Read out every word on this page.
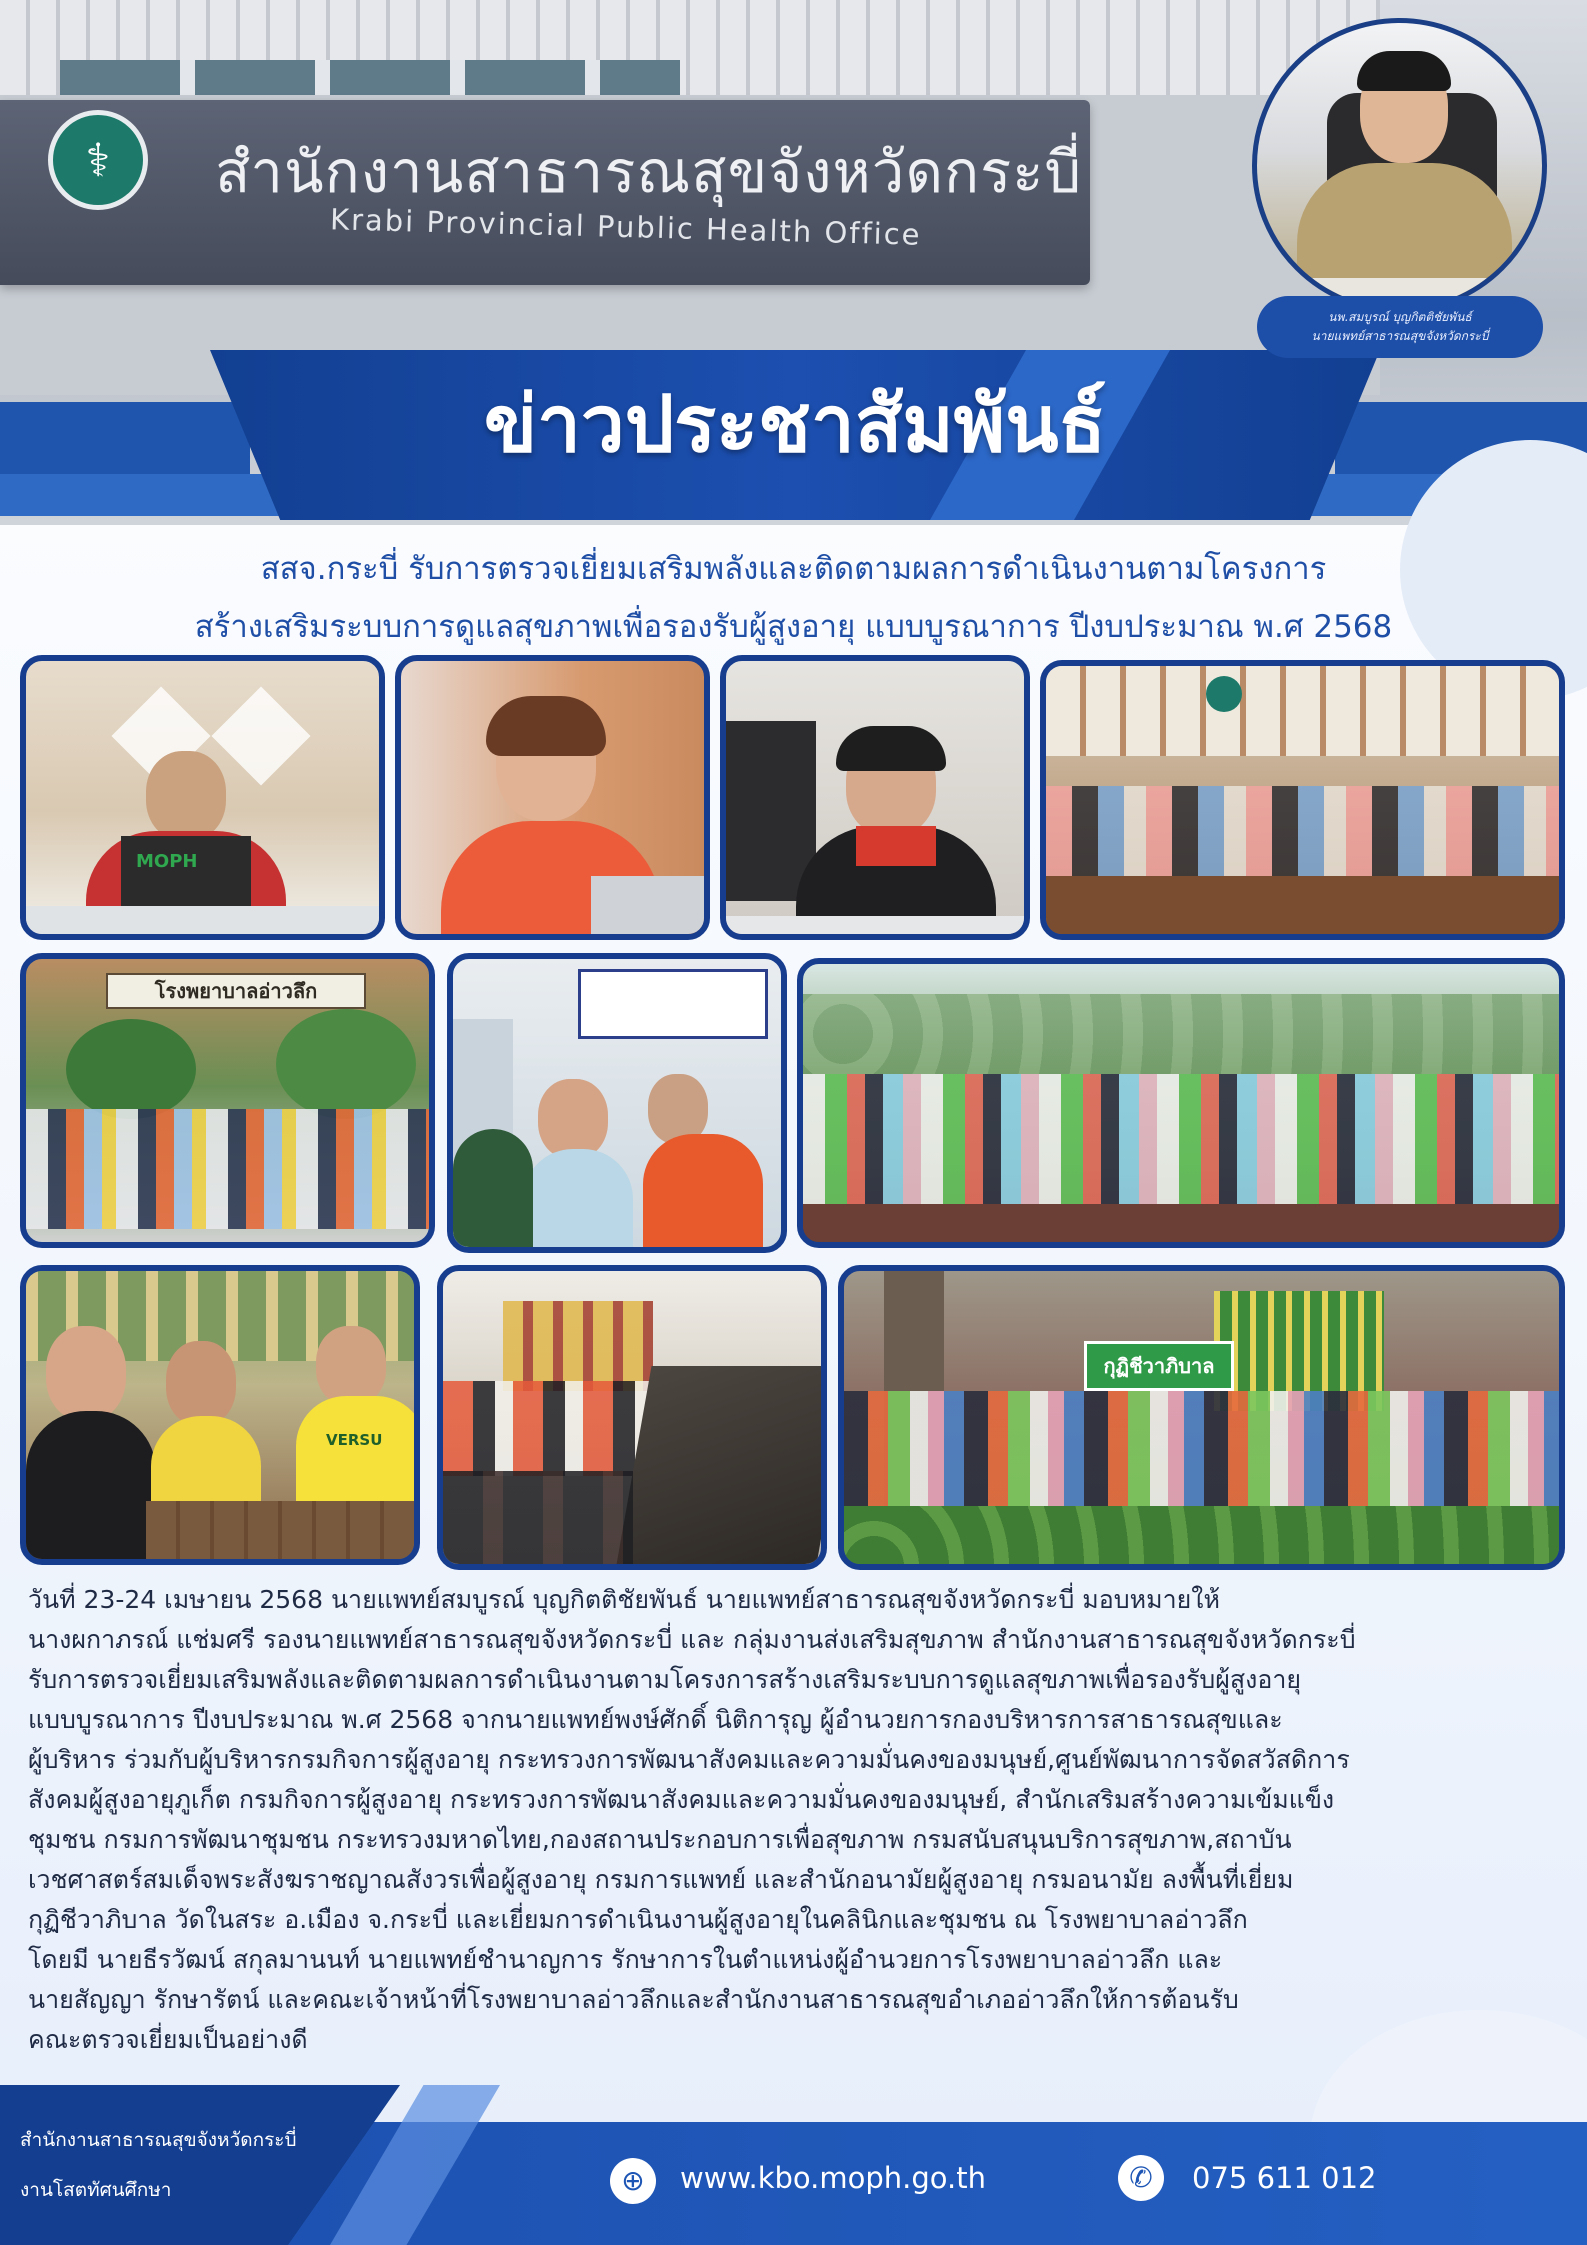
⚕	สำนักงานสาธารณสุขจังหวัดกระบี่
Krabi Provincial Public Health Office
ข่าวประชาสัมพันธ์
นพ.สมบูรณ์ บุญกิตติชัยพันธ์
นายแพทย์สาธารณสุขจังหวัดกระบี่
สสจ.กระบี่ รับการตรวจเยี่ยมเสริมพลังและติดตามผลการดำเนินงานตามโครงการ
สร้างเสริมระบบการดูแลสุขภาพเพื่อรองรับผู้สูงอายุ แบบบูรณาการ ปีงบประมาณ พ.ศ 2568
MOPH
โรงพยาบาลอ่าวลึก
VERSU
กุฏิชีวาภิบาล
วันที่ 23-24 เมษายน 2568 นายแพทย์สมบูรณ์ บุญกิตติชัยพันธ์ นายแพทย์สาธารณสุขจังหวัดกระบี่ มอบหมายให้
นางผกาภรณ์ แช่มศรี รองนายแพทย์สาธารณสุขจังหวัดกระบี่ และ กลุ่มงานส่งเสริมสุขภาพ สำนักงานสาธารณสุขจังหวัดกระบี่
รับการตรวจเยี่ยมเสริมพลังและติดตามผลการดำเนินงานตามโครงการสร้างเสริมระบบการดูแลสุขภาพเพื่อรองรับผู้สูงอายุ
แบบบูรณาการ ปีงบประมาณ พ.ศ 2568 จากนายแพทย์พงษ์ศักดิ์ นิติการุญ ผู้อำนวยการกองบริหารการสาธารณสุขและ
ผู้บริหาร ร่วมกับผู้บริหารกรมกิจการผู้สูงอายุ กระทรวงการพัฒนาสังคมและความมั่นคงของมนุษย์,ศูนย์พัฒนาการจัดสวัสดิการ
สังคมผู้สูงอายุภูเก็ต กรมกิจการผู้สูงอายุ กระทรวงการพัฒนาสังคมและความมั่นคงของมนุษย์, สำนักเสริมสร้างความเข้มแข็ง
ชุมชน กรมการพัฒนาชุมชน กระทรวงมหาดไทย,กองสถานประกอบการเพื่อสุขภาพ กรมสนับสนุนบริการสุขภาพ,สถาบัน
เวชศาสตร์สมเด็จพระสังฆราชญาณสังวรเพื่อผู้สูงอายุ กรมการแพทย์ และสำนักอนามัยผู้สูงอายุ กรมอนามัย ลงพื้นที่เยี่ยม
กุฏิชีวาภิบาล วัดในสระ อ.เมือง จ.กระบี่ และเยี่ยมการดำเนินงานผู้สูงอายุในคลินิกและชุมชน ณ โรงพยาบาลอ่าวลึก
โดยมี นายธีรวัฒน์ สกุลมานนท์ นายแพทย์ชำนาญการ รักษาการในตำแหน่งผู้อำนวยการโรงพยาบาลอ่าวลึก และ
นายสัญญา รักษารัตน์ และคณะเจ้าหน้าที่โรงพยาบาลอ่าวลึกและสำนักงานสาธารณสุขอำเภออ่าวลึกให้การต้อนรับ
คณะตรวจเยี่ยมเป็นอย่างดี
สำนักงานสาธารณสุขจังหวัดกระบี่
งานโสตทัศนศึกษา	⊕	www.kbo.moph.go.th	✆	075 611 012
